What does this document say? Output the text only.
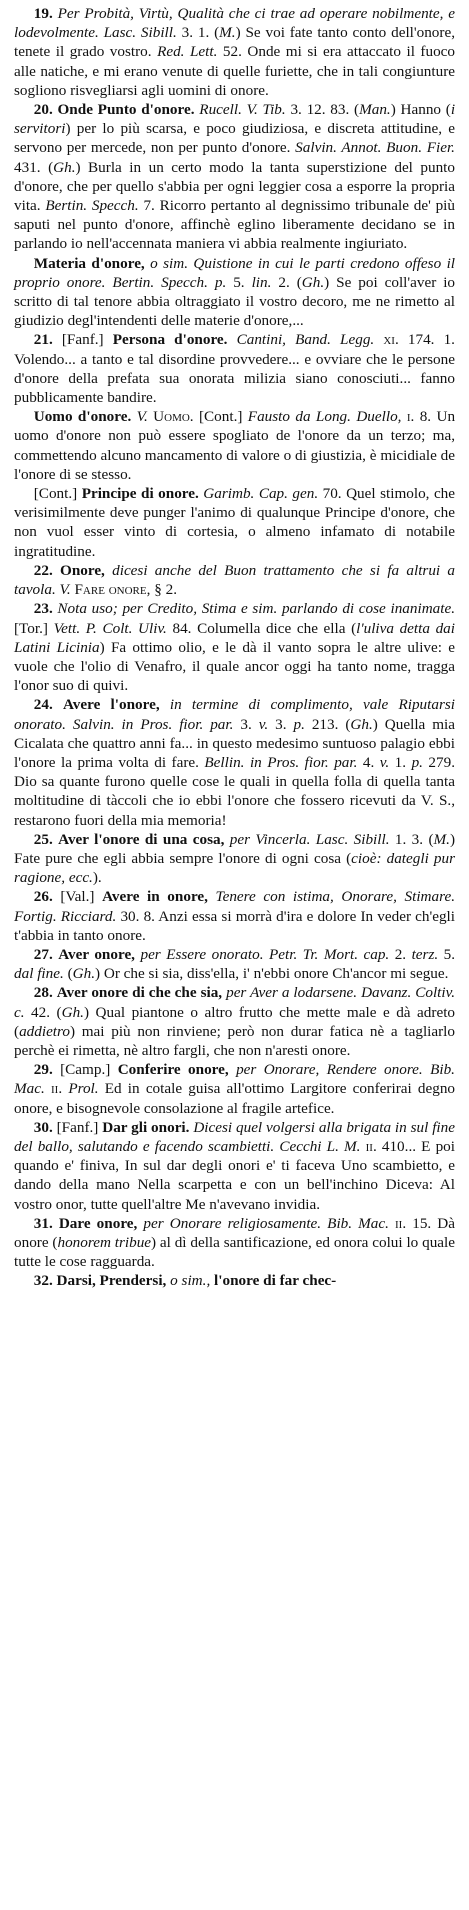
19. Per Probità, Virtù, Qualità che ci trae ad operare nobilmente, e lodevolmente. Lasc. Sibill. 3. 1. (M.) Se voi fate tanto conto dell'onore, tenete il grado vostro. Red. Lett. 52. Onde mi si era attaccato il fuoco alle natiche, e mi erano venute di quelle furiette, che in tali congiunture sogliono risvegliarsi agli uomini di onore.

20. Onde Punto d'onore. Rucell. V. Tib. 3. 12. 83. (Man.) Hanno (i servitori) per lo più scarsa, e poco giudiziosa, e discreta attitudine, e servono per mercede, non per punto d'onore. Salvin. Annot. Buon. Fier. 431. (Gh.) Burla in un certo modo la tanta superstizione del punto d'onore, che per quello s'abbia per ogni leggier cosa a esporre la propria vita. Bertin. Specch. 7. Ricorro pertanto al degnissimo tribunale de' più saputi nel punto d'onore, affinchè eglino liberamente decidano se in parlando io nell'accennata maniera vi abbia realmente ingiuriato.

Materia d'onore, o sim. Quistione in cui le parti credono offeso il proprio onore. Bertin. Specch. p. 5. lin. 2. (Gh.) Se poi coll'aver io scritto di tal tenore abbia oltraggiato il vostro decoro, me ne rimetto al giudizio degl'intendenti delle materie d'onore,...

21. [Fanf.] Persona d'onore. Cantini, Band. Legg. xi. 174. 1. Volendo... a tanto e tal disordine provvedere... e ovviare che le persone d'onore della prefata sua onorata milizia siano conosciuti... fanno pubblicamente bandire.

Uomo d'onore. V. Uomo. [Cont.] Fausto da Long. Duello, i. 8. Un uomo d'onore non può essere spogliato de l'onore da un terzo; ma, commettendo alcuno mancamento di valore o di giustizia, è micidiale de l'onore di se stesso.

[Cont.] Principe di onore. Garimb. Cap. gen. 70. Quel stimolo, che verisimilmente deve punger l'animo di qualunque Principe d'onore, che non vuol esser vinto di cortesia, o almeno infamato di notabile ingratitudine.

22. Onore, dicesi anche del Buon trattamento che si fa altrui a tavola. V. Fare onore, § 2.

23. Nota uso; per Credito, Stima e sim. parlando di cose inanimate. [Tor.] Vett. P. Colt. Uliv. 84. Columella dice che ella (l'uliva detta dai Latini Licinia) Fa ottimo olio, e le dà il vanto sopra le altre ulive: e vuole che l'olio di Venafro, il quale ancor oggi ha tanto nome, tragga l'onor suo di quivi.

24. Avere l'onore, in termine di complimento, vale Riputarsi onorato. Salvin. in Pros. fior. par. 3. v. 3. p. 213. (Gh.) Quella mia Cicalata che quattro anni fa... in questo medesimo suntuoso palagio ebbi l'onore la prima volta di fare. Bellin. in Pros. fior. par. 4. v. 1. p. 279. Dio sa quante furono quelle cose le quali in quella folla di quella tanta moltitudine di tàccoli che io ebbi l'onore che fossero ricevuti da V. S., restarono fuori della mia memoria!

25. Aver l'onore di una cosa, per Vincerla. Lasc. Sibill. 1. 3. (M.) Fate pure che egli abbia sempre l'onore di ogni cosa (cioè: dategli pur ragione, ecc.).

26. [Val.] Avere in onore, Tenere con istima, Onorare, Stimare. Fortig. Ricciard. 30. 8. Anzi essa si morrà d'ira e dolore In veder ch'egli t'abbia in tanto onore.

27. Aver onore, per Essere onorato. Petr. Tr. Mort. cap. 2. terz. 5. dal fine. (Gh.) Or che si sia, diss'ella, i' n'ebbi onore Ch'ancor mi segue.

28. Aver onore di che che sia, per Aver a lodarsene. Davanz. Coltiv. c. 42. (Gh.) Qual piantone o altro frutto che mette male e dà adreto (addietro) mai più non rinviene; però non durar fatica nè a tagliarlo perchè ei rimetta, nè altro fargli, che non n'aresti onore.

29. [Camp.] Conferire onore, per Onorare, Rendere onore. Bib. Mac. ii. Prol. Ed in cotale guisa all'ottimo Largitore conferirai degno onore, e bisognevole consolazione al fragile artefice.

30. [Fanf.] Dar gli onori. Dicesi quel volgersi alla brigata in sul fine del ballo, salutando e facendo scambietti. Cecchi L. M. ii. 410... E poi quando e' finiva, In sul dar degli onori e' ti faceva Uno scambietto, e dando della mano Nella scarpetta e con un bell'inchino Diceva: Al vostro onor, tutte quell'altre Me n'avevano invidia.

31. Dare onore, per Onorare religiosamente. Bib. Mac. ii. 15. Dà onore (honorem tribue) al dì della santificazione, ed onora colui lo quale tutte le cose ragguarda.

32. Darsi, Prendersi, o sim., l'onore di far chec-
